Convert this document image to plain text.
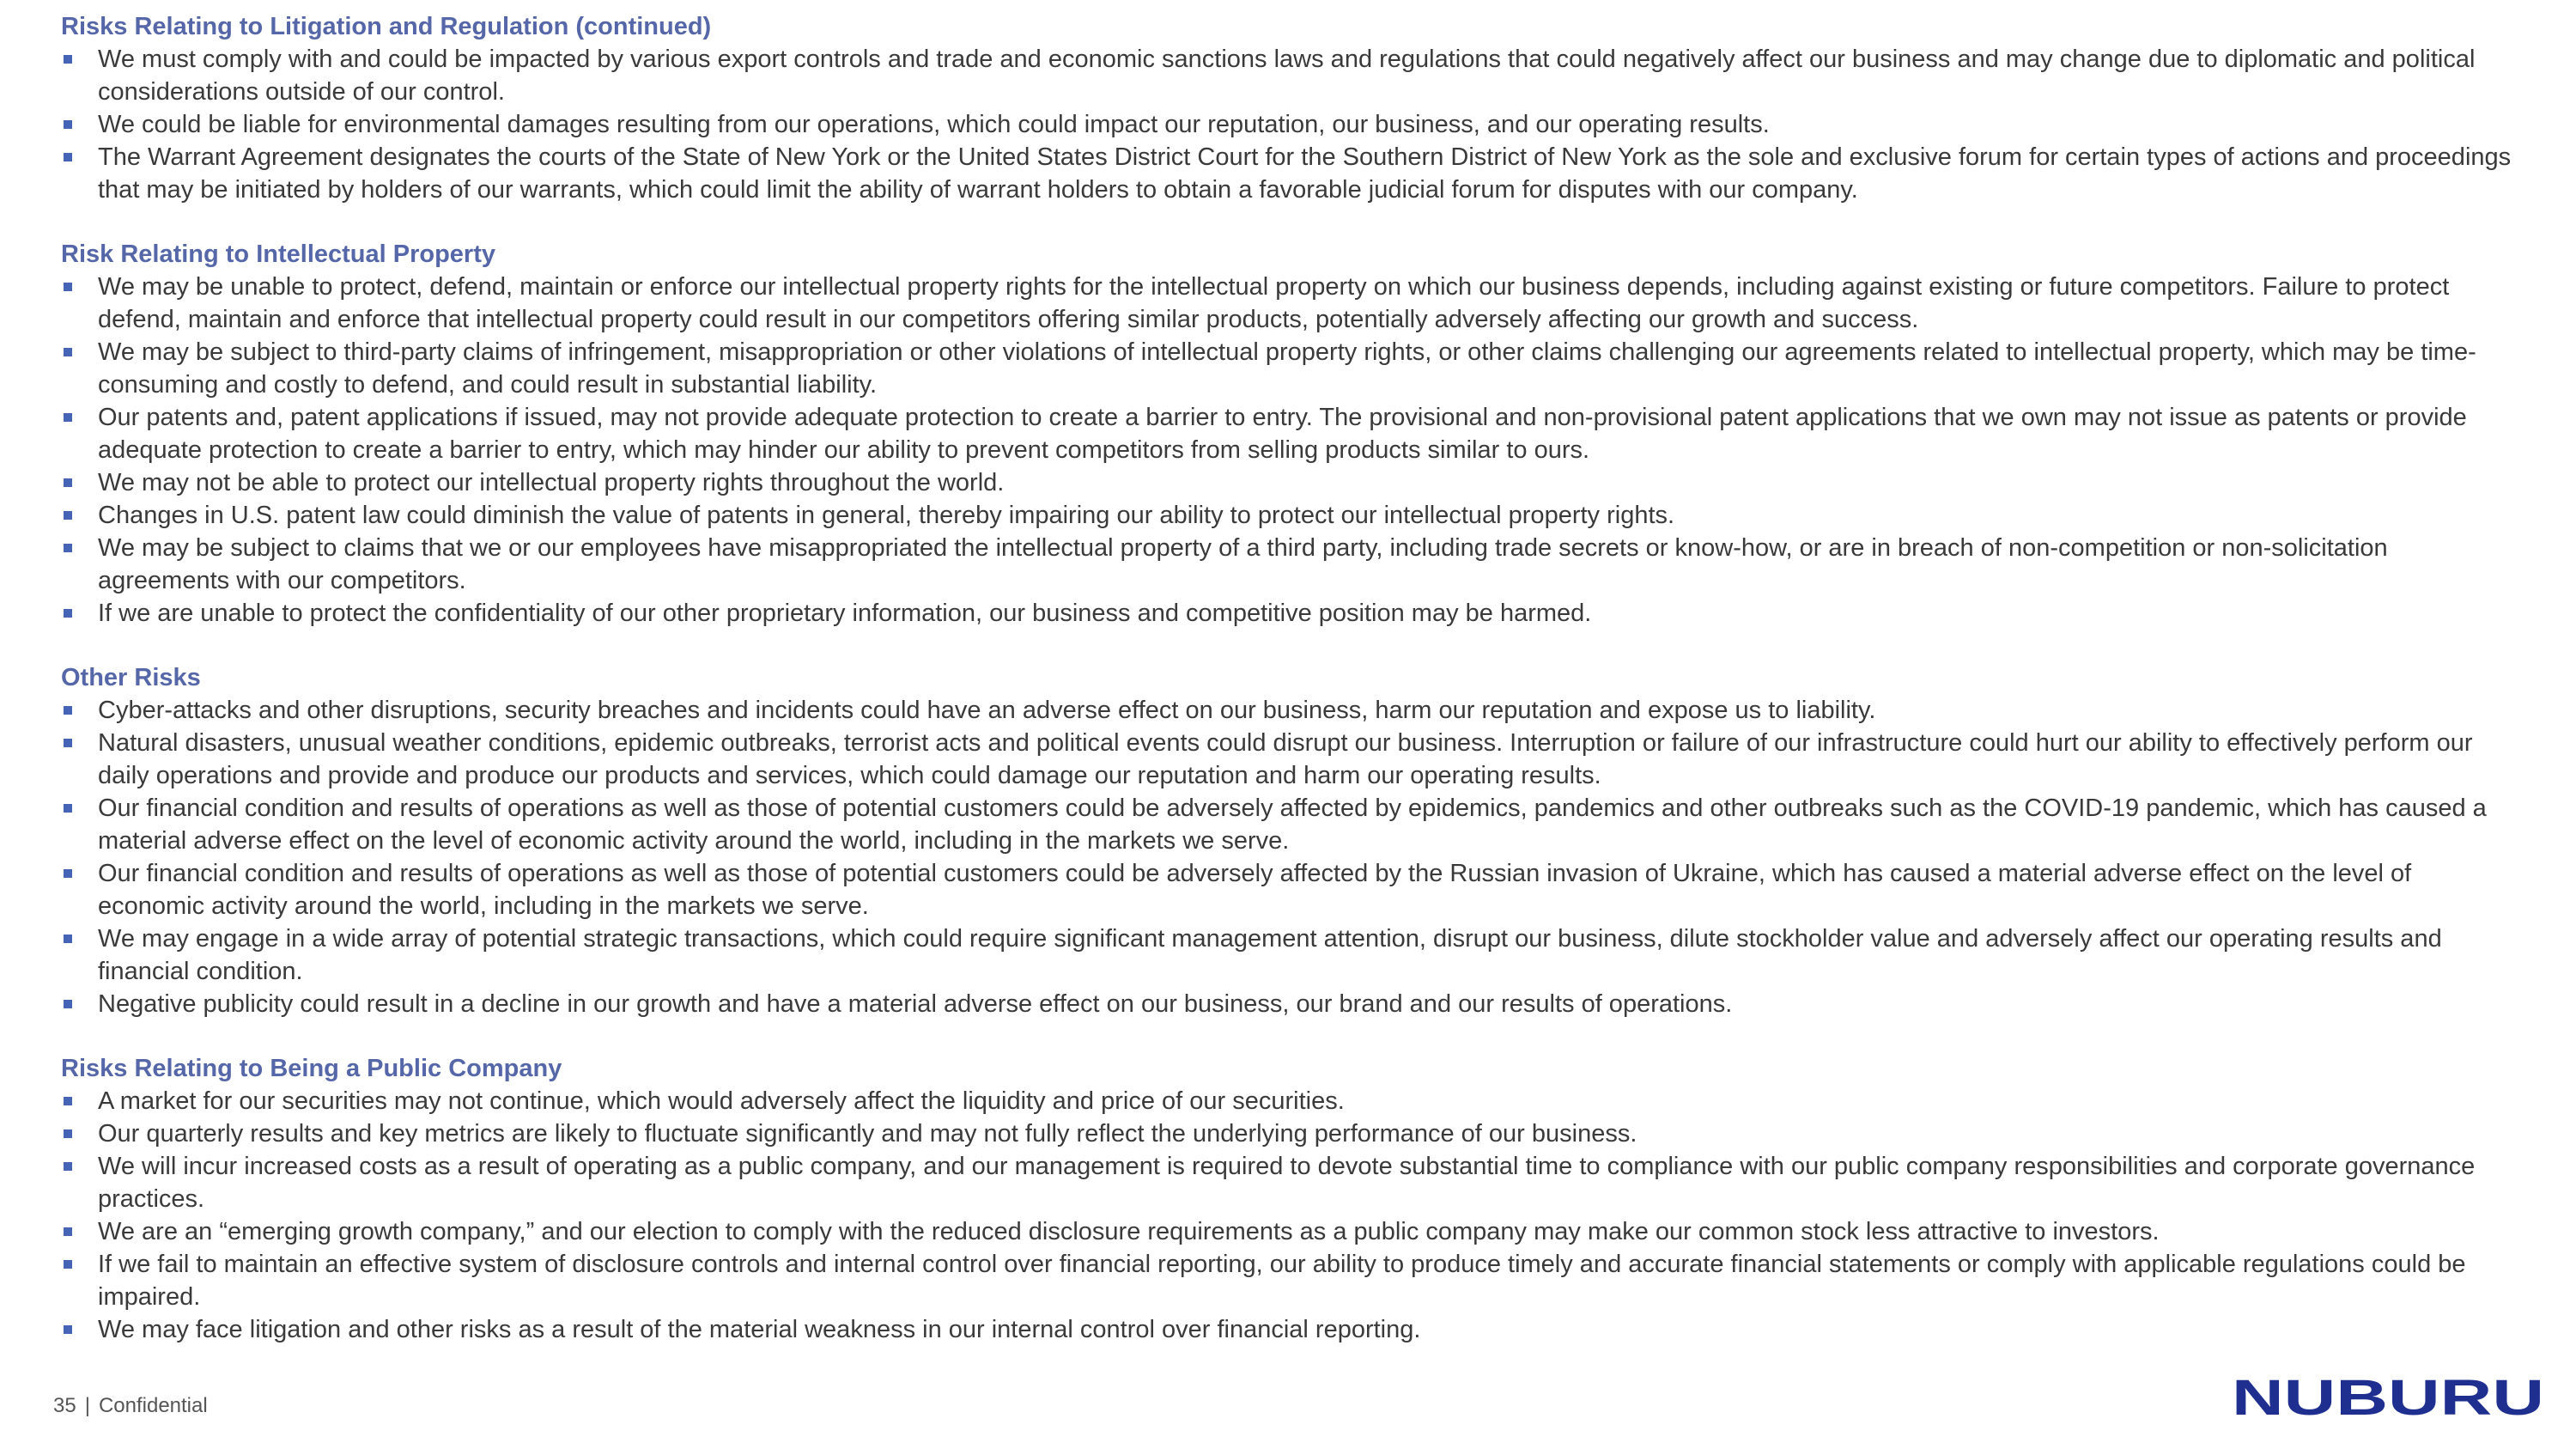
Risks Relating to Litigation and Regulation (continued)
We must comply with and could be impacted by various export controls and trade and economic sanctions laws and regulations that could negatively affect our business and may change due to diplomatic and political considerations outside of our control.
We could be liable for environmental damages resulting from our operations, which could impact our reputation, our business, and our operating results.
The Warrant Agreement designates the courts of the State of New York or the United States District Court for the Southern District of New York as the sole and exclusive forum for certain types of actions and proceedings that may be initiated by holders of our warrants, which could limit the ability of warrant holders to obtain a favorable judicial forum for disputes with our company.
Risk Relating to Intellectual Property
We may be unable to protect, defend, maintain or enforce our intellectual property rights for the intellectual property on which our business depends, including against existing or future competitors. Failure to protect defend, maintain and enforce that intellectual property could result in our competitors offering similar products, potentially adversely affecting our growth and success.
We may be subject to third-party claims of infringement, misappropriation or other violations of intellectual property rights, or other claims challenging our agreements related to intellectual property, which may be time-consuming and costly to defend, and could result in substantial liability.
Our patents and, patent applications if issued, may not provide adequate protection to create a barrier to entry. The provisional and non-provisional patent applications that we own may not issue as patents or provide adequate protection to create a barrier to entry, which may hinder our ability to prevent competitors from selling products similar to ours.
We may not be able to protect our intellectual property rights throughout the world.
Changes in U.S. patent law could diminish the value of patents in general, thereby impairing our ability to protect our intellectual property rights.
We may be subject to claims that we or our employees have misappropriated the intellectual property of a third party, including trade secrets or know-how, or are in breach of non-competition or non-solicitation agreements with our competitors.
If we are unable to protect the confidentiality of our other proprietary information, our business and competitive position may be harmed.
Other Risks
Cyber-attacks and other disruptions, security breaches and incidents could have an adverse effect on our business, harm our reputation and expose us to liability.
Natural disasters, unusual weather conditions, epidemic outbreaks, terrorist acts and political events could disrupt our business. Interruption or failure of our infrastructure could hurt our ability to effectively perform our daily operations and provide and produce our products and services, which could damage our reputation and harm our operating results.
Our financial condition and results of operations as well as those of potential customers could be adversely affected by epidemics, pandemics and other outbreaks such as the COVID-19 pandemic, which has caused a material adverse effect on the level of economic activity around the world, including in the markets we serve.
Our financial condition and results of operations as well as those of potential customers could be adversely affected by the Russian invasion of Ukraine, which has caused a material adverse effect on the level of economic activity around the world, including in the markets we serve.
We may engage in a wide array of potential strategic transactions, which could require significant management attention, disrupt our business, dilute stockholder value and adversely affect our operating results and financial condition.
Negative publicity could result in a decline in our growth and have a material adverse effect on our business, our brand and our results of operations.
Risks Relating to Being a Public Company
A market for our securities may not continue, which would adversely affect the liquidity and price of our securities.
Our quarterly results and key metrics are likely to fluctuate significantly and may not fully reflect the underlying performance of our business.
We will incur increased costs as a result of operating as a public company, and our management is required to devote substantial time to compliance with our public company responsibilities and corporate governance practices.
We are an “emerging growth company,” and our election to comply with the reduced disclosure requirements as a public company may make our common stock less attractive to investors.
If we fail to maintain an effective system of disclosure controls and internal control over financial reporting, our ability to produce timely and accurate financial statements or comply with applicable regulations could be impaired.
We may face litigation and other risks as a result of the material weakness in our internal control over financial reporting.
35 | Confidential	NUBURU
